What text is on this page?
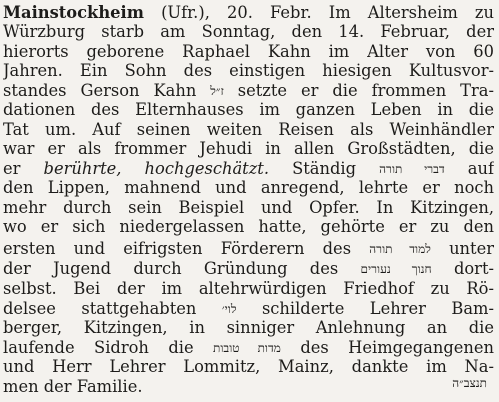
Mainstockheim (Ufr.), 20. Febr. Im Altersheim zu
Würzburg starb am Sonntag, den 14. Februar, der
hierorts geborene Raphael Kahn im Alter von 60
Jahren. Ein Sohn des einstigen hiesigen Kultusvor-
standes Gerson Kahn ז״ל setzte er die frommen Tra-
dationen des Elternhauses im ganzen Leben in die
Tat um. Auf seinen weiten Reisen als Weinhändler
war er als frommer Jehudi in allen Großstädten, die
er berührte, hochgeschätzt. Ständig דברי תורה auf
den Lippen, mahnend und anregend, lehrte er noch
mehr durch sein Beispiel und Opfer. In Kitzingen,
wo er sich niedergelassen hatte, gehörte er zu den
ersten und eifrigsten Förderern des למוד תורה unter
der Jugend durch Gründung des חנוך נעורים dort-
selbst. Bei der im altehrwürdigen Friedhof zu Rö-
delsee stattgehabten לוי׳ schilderte Lehrer Bam-
berger, Kitzingen, in sinniger Anlehnung an die
laufende Sidroh die מדות טובות des Heimgegangenen
und Herr Lehrer Lommitz, Mainz, dankte im Na-
men der Familie.	תנצב״ה
